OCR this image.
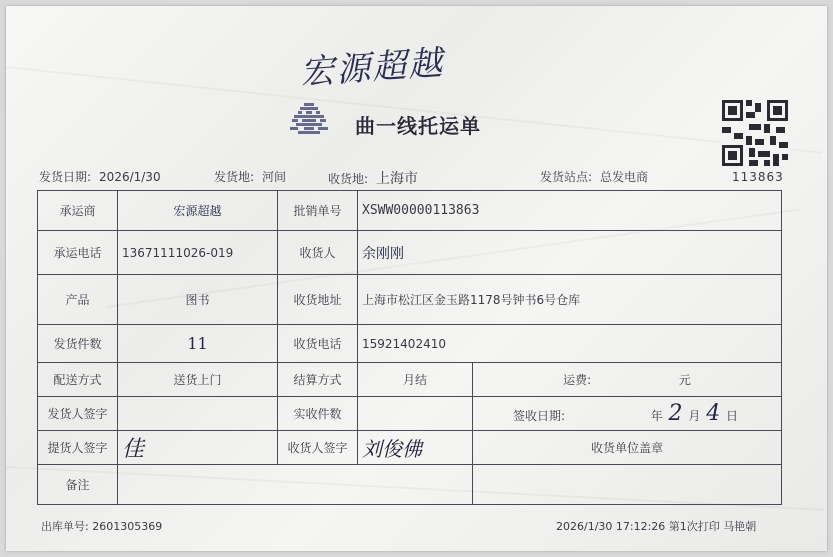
宏源超越
曲一线托运单
113863
发货日期: 2026/1/30	发货地: 河间	收货地: 上海市	发货站点: 总发电商
承运商	宏源超越	批销单号	XSWW00000113863	
承运电话	13671111026-019	收货人	余刚刚	
产品	图书	收货地址	上海市松江区金玉路1178号钟书6号仓库	
发货件数	11	收货电话	15921402410	
配送方式	送货上门	结算方式	月结	运费: 元
发货人签字		实收件数		签收日期: 年 2 月 4 日
提货人签字	佳	收货人签字	刘俊佛	收货单位盖章
备注				
出库单号: 2601305369	2026/1/30 17:12:26 第1次打印 马艳朝
